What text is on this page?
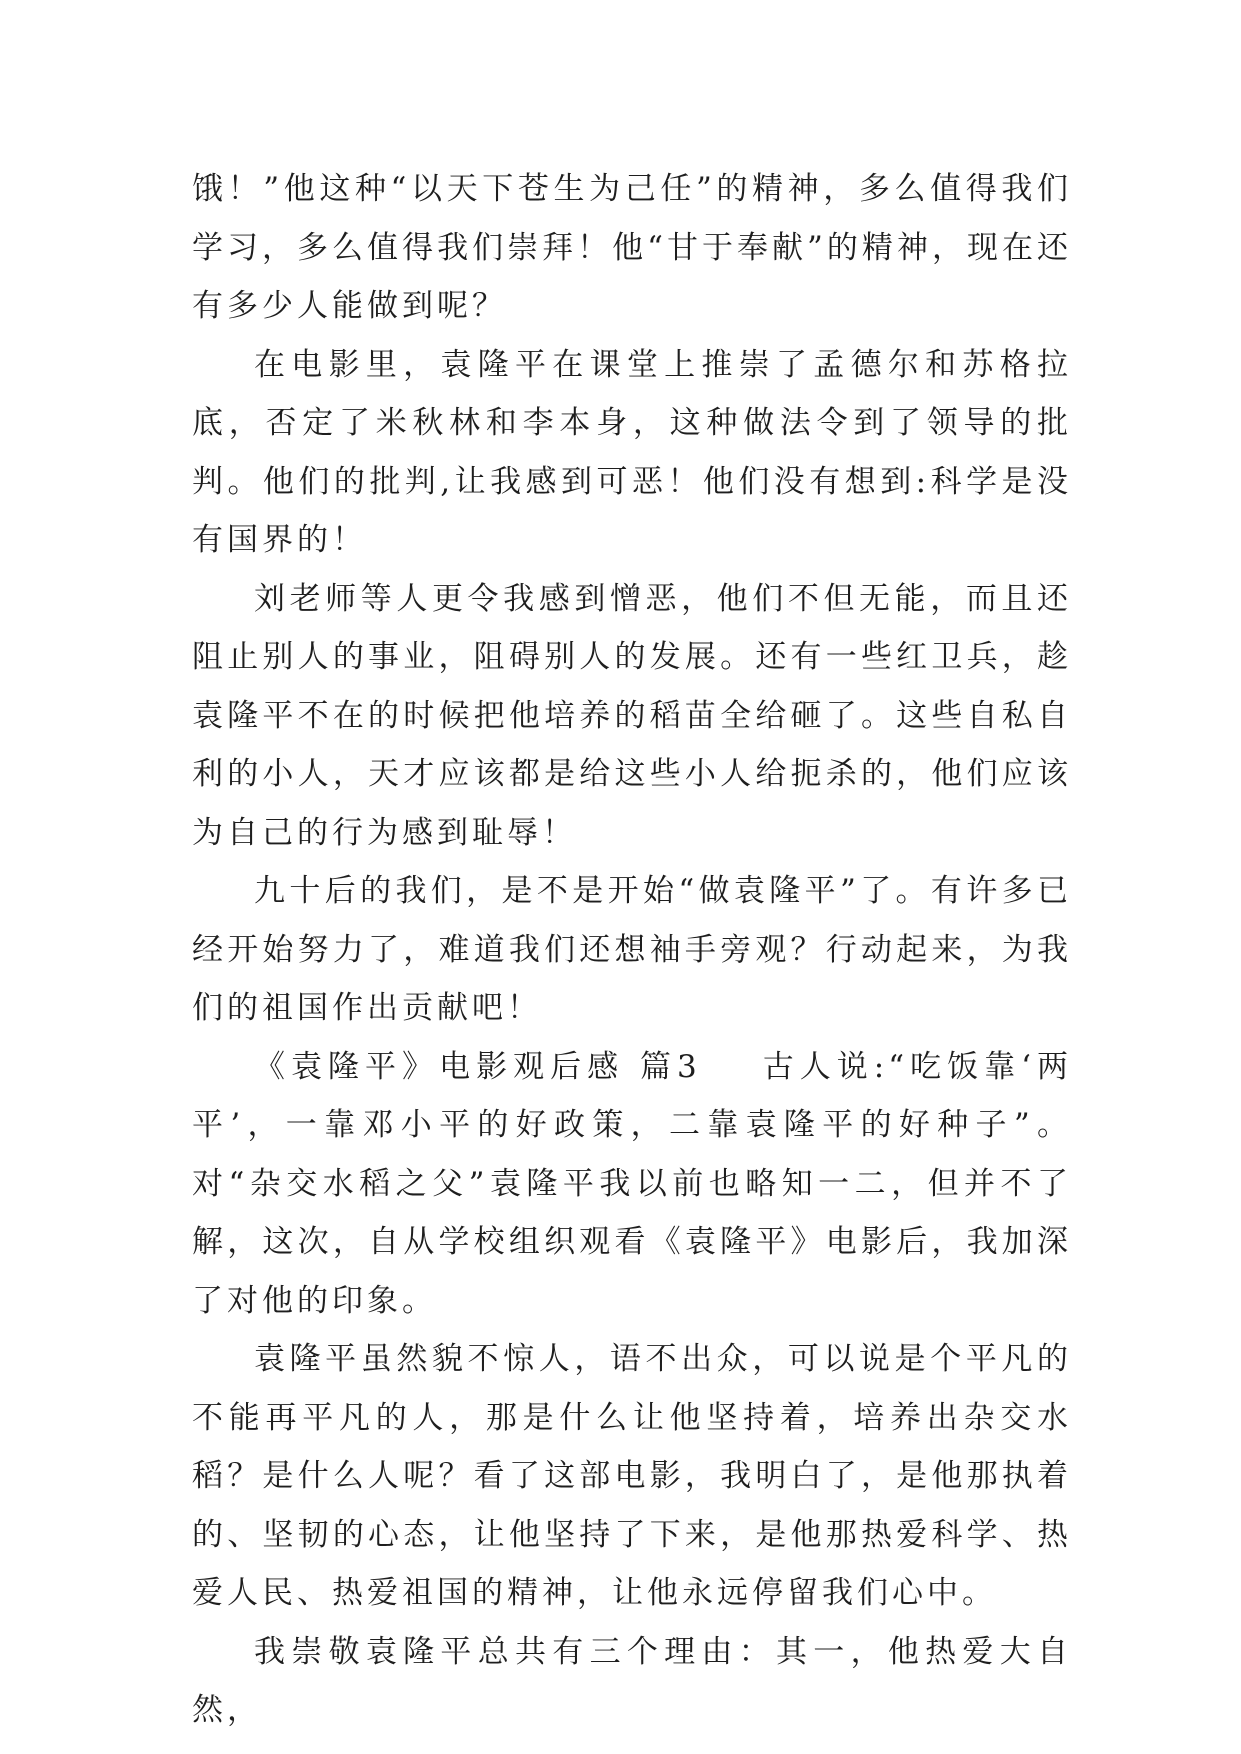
饿！”他这种“以天下苍生为己任”的精神，多么值得我们学习，多么值得我们崇拜！他“甘于奉献”的精神，现在还有多少人能做到呢？

在电影里，袁隆平在课堂上推崇了孟德尔和苏格拉底，否定了米秋林和李本身，这种做法令到了领导的批判。他们的批判,让我感到可恶！他们没有想到:科学是没有国界的！

刘老师等人更令我感到憎恶，他们不但无能，而且还阻止别人的事业，阻碍别人的发展。还有一些红卫兵，趁袁隆平不在的时候把他培养的稻苗全给砸了。这些自私自利的小人，天才应该都是给这些小人给扼杀的，他们应该为自己的行为感到耻辱！

九十后的我们，是不是开始“做袁隆平”了。有许多已经开始努力了，难道我们还想袖手旁观？行动起来，为我们的祖国作出贡献吧！

《袁隆平》电影观后感 篇3 古人说:“吃饭靠‘两平’，一靠邓小平的好政策，二靠袁隆平的好种子”。对“杂交水稻之父”袁隆平我以前也略知一二，但并不了解，这次，自从学校组织观看《袁隆平》电影后，我加深了对他的印象。

袁隆平虽然貌不惊人，语不出众，可以说是个平凡的不能再平凡的人，那是什么让他坚持着，培养出杂交水稻？是什么人呢？看了这部电影，我明白了，是他那执着的、坚韧的心态，让他坚持了下来，是他那热爱科学、热爱人民、热爱祖国的精神，让他永远停留我们心中。

我崇敬袁隆平总共有三个理由：其一，他热爱大自然，
